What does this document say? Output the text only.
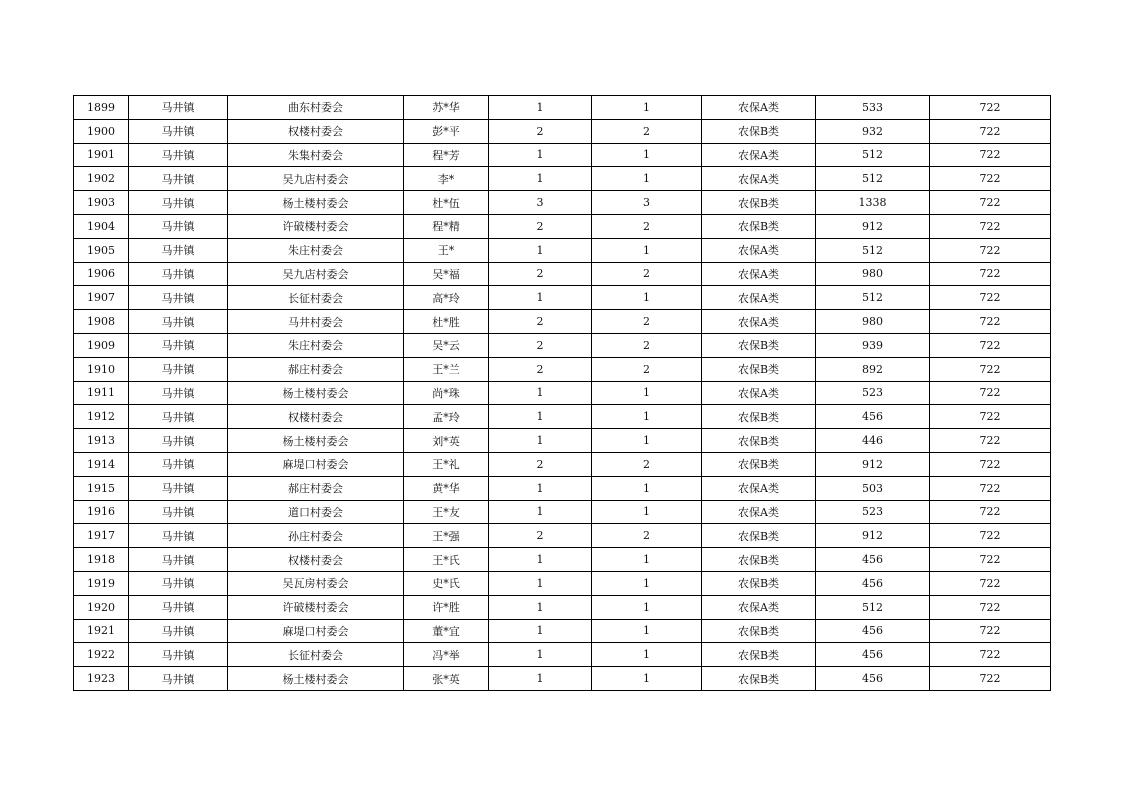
1899	马井镇	曲东村委会	苏*华	1	1	农保A类	533	722
1900	马井镇	权楼村委会	彭*平	2	2	农保B类	932	722
1901	马井镇	朱集村委会	程*芳	1	1	农保A类	512	722
1902	马井镇	吴九店村委会	李*	1	1	农保A类	512	722
1903	马井镇	杨土楼村委会	杜*伍	3	3	农保B类	1338	722
1904	马井镇	许破楼村委会	程*精	2	2	农保B类	912	722
1905	马井镇	朱庄村委会	王*	1	1	农保A类	512	722
1906	马井镇	吴九店村委会	吴*福	2	2	农保A类	980	722
1907	马井镇	长征村委会	高*玲	1	1	农保A类	512	722
1908	马井镇	马井村委会	杜*胜	2	2	农保A类	980	722
1909	马井镇	朱庄村委会	吴*云	2	2	农保B类	939	722
1910	马井镇	郝庄村委会	王*兰	2	2	农保B类	892	722
1911	马井镇	杨土楼村委会	尚*珠	1	1	农保A类	523	722
1912	马井镇	权楼村委会	孟*玲	1	1	农保B类	456	722
1913	马井镇	杨土楼村委会	刘*英	1	1	农保B类	446	722
1914	马井镇	麻堤口村委会	王*礼	2	2	农保B类	912	722
1915	马井镇	郝庄村委会	黄*华	1	1	农保A类	503	722
1916	马井镇	道口村委会	王*友	1	1	农保A类	523	722
1917	马井镇	孙庄村委会	王*强	2	2	农保B类	912	722
1918	马井镇	权楼村委会	王*氏	1	1	农保B类	456	722
1919	马井镇	吴瓦房村委会	史*氏	1	1	农保B类	456	722
1920	马井镇	许破楼村委会	许*胜	1	1	农保A类	512	722
1921	马井镇	麻堤口村委会	董*宜	1	1	农保B类	456	722
1922	马井镇	长征村委会	冯*举	1	1	农保B类	456	722
1923	马井镇	杨土楼村委会	张*英	1	1	农保B类	456	722
